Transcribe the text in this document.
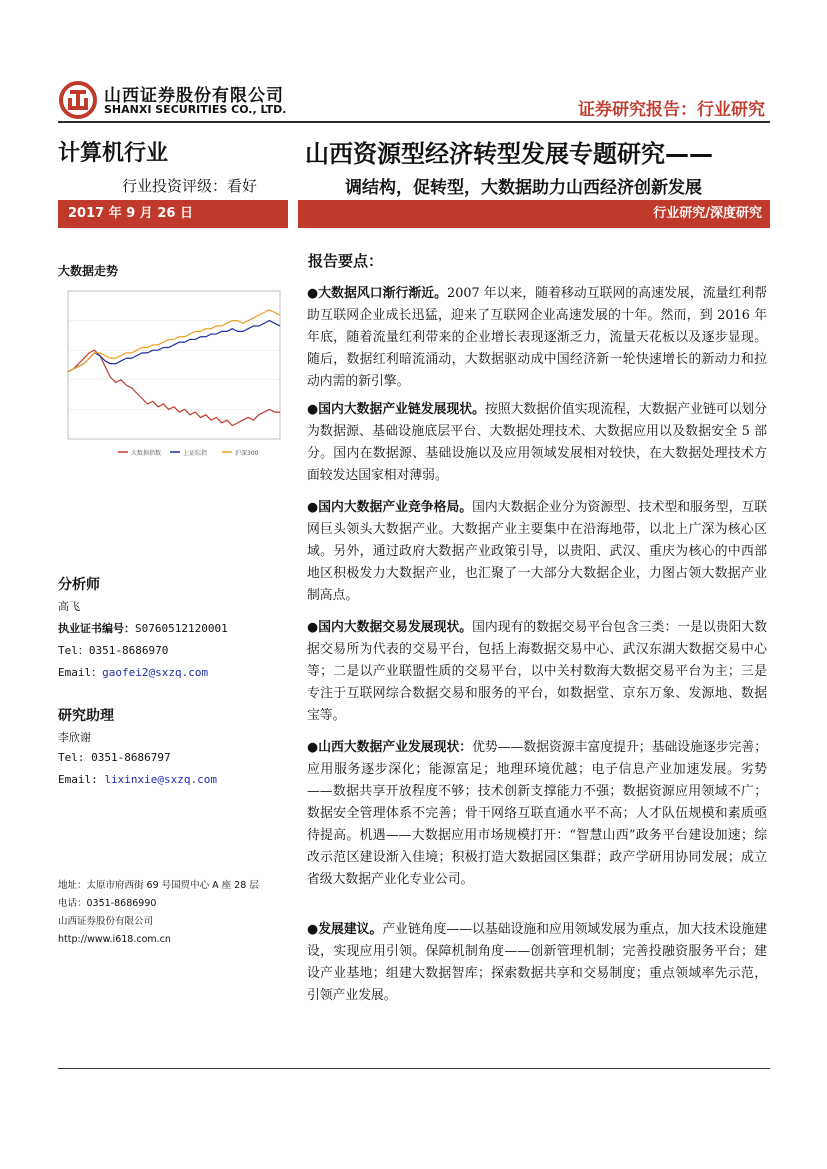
山西证券股份有限公司
SHANXI SECURITIES CO., LTD.	证券研究报告：行业研究
计算机行业
行业投资评级：看好
山西资源型经济转型发展专题研究——
调结构，促转型，大数据助力山西经济创新发展
2017 年 9 月 26 日	行业研究/深度研究
大数据走势
大数据指数	上证综指	沪深300
分析师
高飞
执业证书编号：S0760512120001
Tel：0351-8686970
Email：gaofei2@sxzq.com
研究助理
李欣谢
Tel: 0351-8686797
Email: lixinxie@sxzq.com
地址：太原市府西街 69 号国贸中心 A 座 28 层
电话：0351-8686990
山西证券股份有限公司
http://www.i618.com.cn
报告要点：
●大数据风口渐行渐近。2007 年以来，随着移动互联网的高速发展，流量红利帮助互联网企业成长迅猛，迎来了互联网企业高速发展的十年。然而，到 2016 年年底，随着流量红利带来的企业增长表现逐渐乏力，流量天花板以及逐步显现。随后，数据红利暗流涌动，大数据驱动成中国经济新一轮快速增长的新动力和拉动内需的新引擎。
●国内大数据产业链发展现状。按照大数据价值实现流程，大数据产业链可以划分为数据源、基础设施底层平台、大数据处理技术、大数据应用以及数据安全 5 部分。国内在数据源、基础设施以及应用领域发展相对较快，在大数据处理技术方面较发达国家相对薄弱。
●国内大数据产业竞争格局。国内大数据企业分为资源型、技术型和服务型，互联网巨头领头大数据产业。大数据产业主要集中在沿海地带，以北上广深为核心区域。另外，通过政府大数据产业政策引导，以贵阳、武汉、重庆为核心的中西部地区积极发力大数据产业，也汇聚了一大部分大数据企业，力图占领大数据产业制高点。
●国内大数据交易发展现状。国内现有的数据交易平台包含三类：一是以贵阳大数据交易所为代表的交易平台，包括上海数据交易中心、武汉东湖大数据交易中心等；二是以产业联盟性质的交易平台，以中关村数海大数据交易平台为主；三是专注于互联网综合数据交易和服务的平台，如数据堂、京东万象、发源地、数据宝等。
●山西大数据产业发展现状：优势——数据资源丰富度提升；基础设施逐步完善；应用服务逐步深化；能源富足；地理环境优越；电子信息产业加速发展。劣势——数据共享开放程度不够；技术创新支撑能力不强；数据资源应用领域不广；数据安全管理体系不完善；骨干网络互联直通水平不高；人才队伍规模和素质亟待提高。机遇——大数据应用市场规模打开：“智慧山西”政务平台建设加速；综改示范区建设渐入佳境；积极打造大数据园区集群；政产学研用协同发展；成立省级大数据产业化专业公司。
●发展建议。产业链角度——以基础设施和应用领域发展为重点，加大技术设施建设，实现应用引领。保障机制角度——创新管理机制；完善投融资服务平台；建设产业基地；组建大数据智库；探索数据共享和交易制度；重点领域率先示范，引领产业发展。
